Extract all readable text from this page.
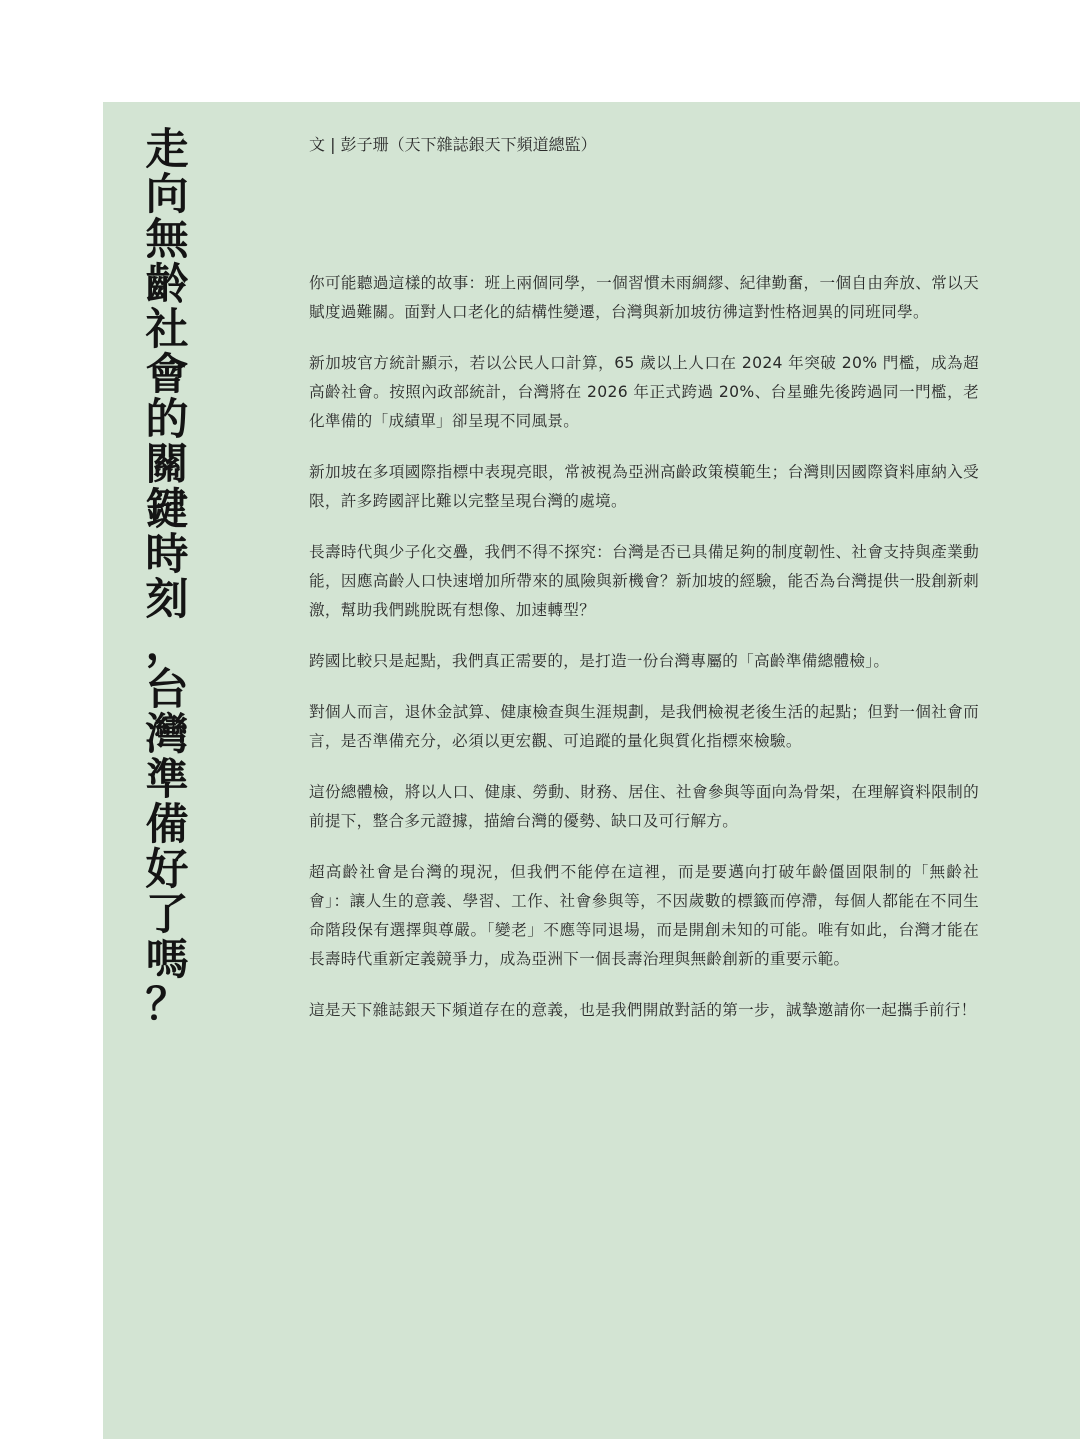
走向無齡社會的關鍵時刻，台灣準備好了嗎？
文 | 彭子珊（天下雜誌銀天下頻道總監）

你可能聽過這樣的故事：班上兩個同學，一個習慣未雨綢繆、紀律勤奮，一個自由奔放、常以天賦度過難關。面對人口老化的結構性變遷，台灣與新加坡彷彿這對性格迥異的同班同學。

新加坡官方統計顯示，若以公民人口計算，65 歲以上人口在 2024 年突破 20% 門檻，成為超高齡社會。按照內政部統計，台灣將在 2026 年正式跨過 20%、台星雖先後跨過同一門檻，老化準備的「成績單」卻呈現不同風景。

新加坡在多項國際指標中表現亮眼，常被視為亞洲高齡政策模範生；台灣則因國際資料庫納入受限，許多跨國評比難以完整呈現台灣的處境。

長壽時代與少子化交疊，我們不得不探究：台灣是否已具備足夠的制度韌性、社會支持與產業動能，因應高齡人口快速增加所帶來的風險與新機會？新加坡的經驗，能否為台灣提供一股創新刺激，幫助我們跳脫既有想像、加速轉型？

跨國比較只是起點，我們真正需要的，是打造一份台灣專屬的「高齡準備總體檢」。

對個人而言，退休金試算、健康檢查與生涯規劃，是我們檢視老後生活的起點；但對一個社會而言，是否準備充分，必須以更宏觀、可追蹤的量化與質化指標來檢驗。

這份總體檢，將以人口、健康、勞動、財務、居住、社會參與等面向為骨架，在理解資料限制的前提下，整合多元證據，描繪台灣的優勢、缺口及可行解方。

超高齡社會是台灣的現況，但我們不能停在這裡，而是要邁向打破年齡僵固限制的「無齡社會」：讓人生的意義、學習、工作、社會參與等，不因歲數的標籤而停滯，每個人都能在不同生命階段保有選擇與尊嚴。「變老」不應等同退場，而是開創未知的可能。唯有如此，台灣才能在長壽時代重新定義競爭力，成為亞洲下一個長壽治理與無齡創新的重要示範。

這是天下雜誌銀天下頻道存在的意義，也是我們開啟對話的第一步，誠摯邀請你一起攜手前行！
